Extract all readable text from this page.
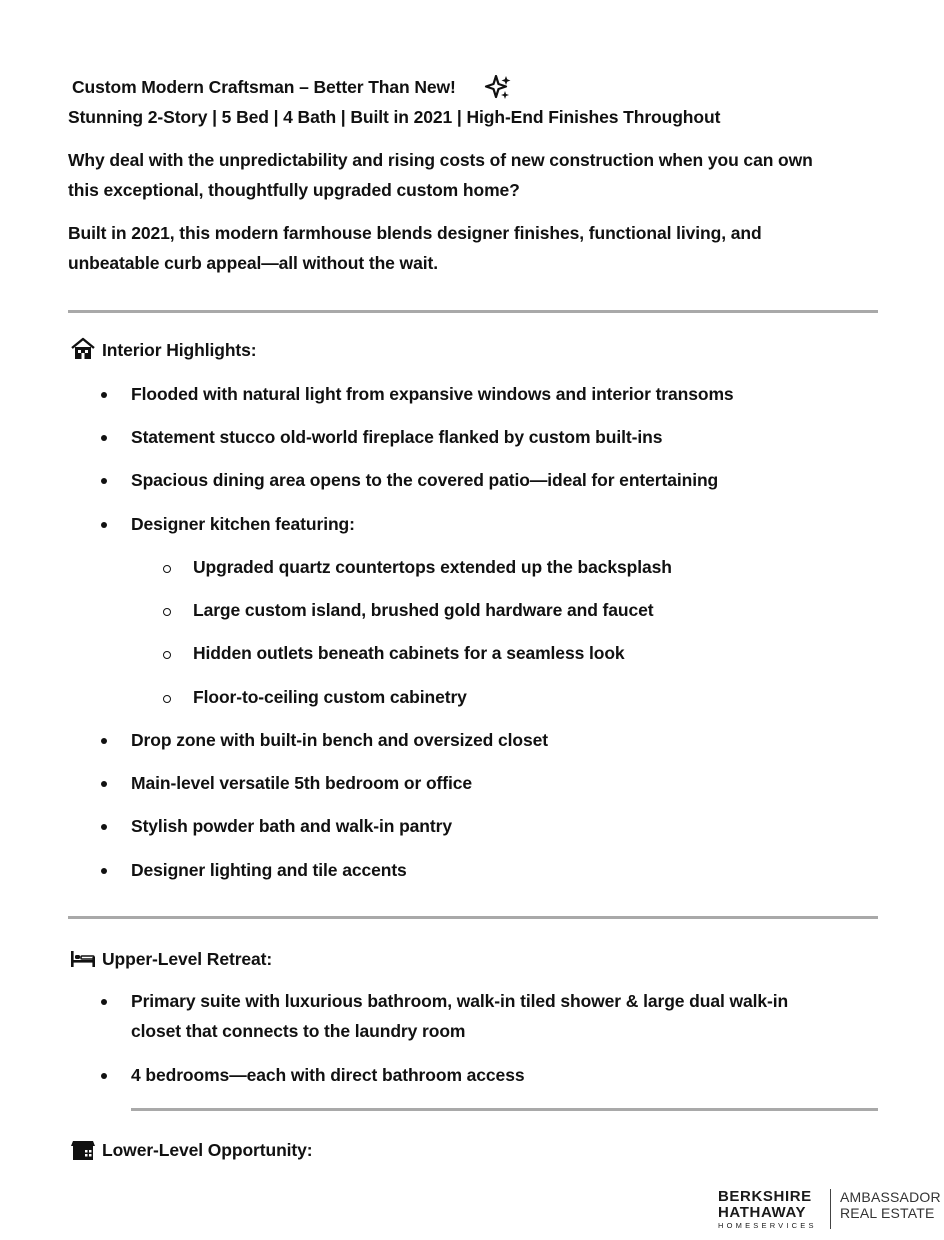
Custom Modern Craftsman – Better Than New!
Stunning 2-Story | 5 Bed | 4 Bath | Built in 2021 | High-End Finishes Throughout
Why deal with the unpredictability and rising costs of new construction when you can own
this exceptional, thoughtfully upgraded custom home?
Built in 2021, this modern farmhouse blends designer finishes, functional living, and
unbeatable curb appeal—all without the wait.
Interior Highlights:
Flooded with natural light from expansive windows and interior transoms
Statement stucco old-world fireplace flanked by custom built-ins
Spacious dining area opens to the covered patio—ideal for entertaining
Designer kitchen featuring:
Upgraded quartz countertops extended up the backsplash
Large custom island, brushed gold hardware and faucet
Hidden outlets beneath cabinets for a seamless look
Floor-to-ceiling custom cabinetry
Drop zone with built-in bench and oversized closet
Main-level versatile 5th bedroom or office
Stylish powder bath and walk-in pantry
Designer lighting and tile accents
Upper-Level Retreat:
Primary suite with luxurious bathroom, walk-in tiled shower & large dual walk-in
closet that connects to the laundry room
4 bedrooms—each with direct bathroom access
Lower-Level Opportunity:
BERKSHIRE
HATHAWAY
HOMESERVICES
AMBASSADOR
REAL ESTATE
